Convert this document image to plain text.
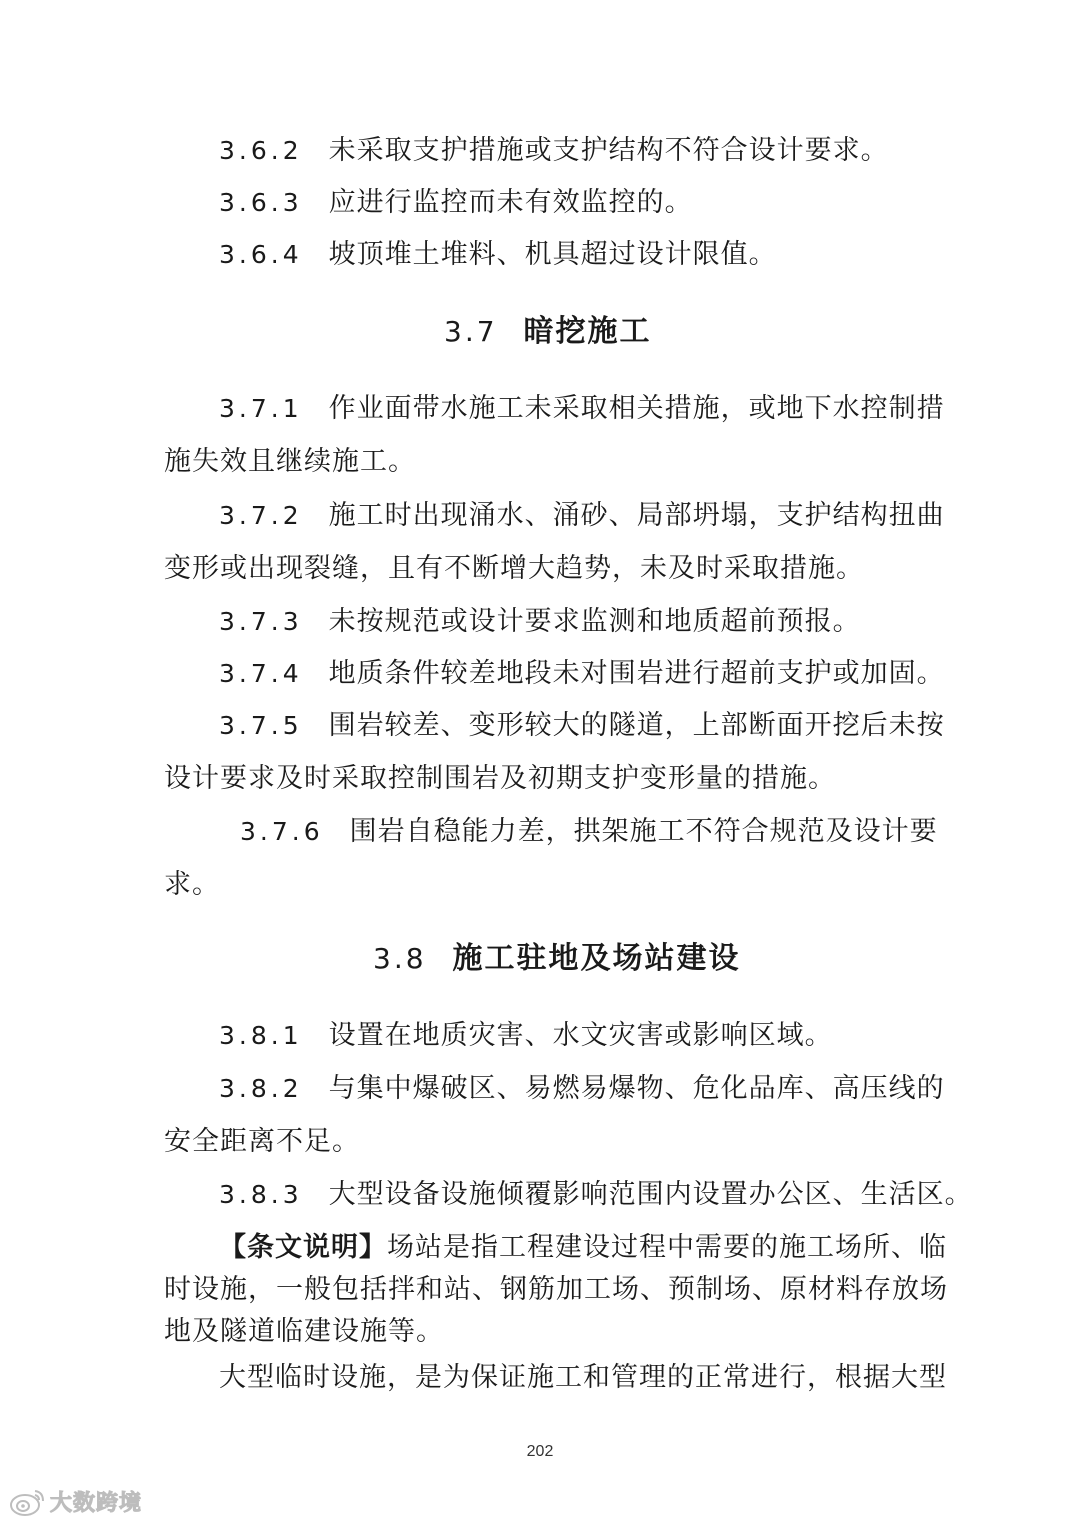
3.6.2 未采取支护措施或支护结构不符合设计要求。
3.6.3 应进行监控而未有效监控的。
3.6.4 坡顶堆土堆料、机具超过设计限值。
3.7 暗挖施工
3.7.1 作业面带水施工未采取相关措施，或地下水控制措
施失效且继续施工。
3.7.2 施工时出现涌水、涌砂、局部坍塌，支护结构扭曲
变形或出现裂缝，且有不断增大趋势，未及时采取措施。
3.7.3 未按规范或设计要求监测和地质超前预报。
3.7.4 地质条件较差地段未对围岩进行超前支护或加固。
3.7.5 围岩较差、变形较大的隧道，上部断面开挖后未按
设计要求及时采取控制围岩及初期支护变形量的措施。
3.7.6 围岩自稳能力差，拱架施工不符合规范及设计要
求。
3.8 施工驻地及场站建设
3.8.1 设置在地质灾害、水文灾害或影响区域。
3.8.2 与集中爆破区、易燃易爆物、危化品库、高压线的
安全距离不足。
3.8.3 大型设备设施倾覆影响范围内设置办公区、生活区。
【条文说明】场站是指工程建设过程中需要的施工场所、临
时设施，一般包括拌和站、钢筋加工场、预制场、原材料存放场
地及隧道临建设施等。
大型临时设施，是为保证施工和管理的正常进行，根据大型
202
大数跨境
